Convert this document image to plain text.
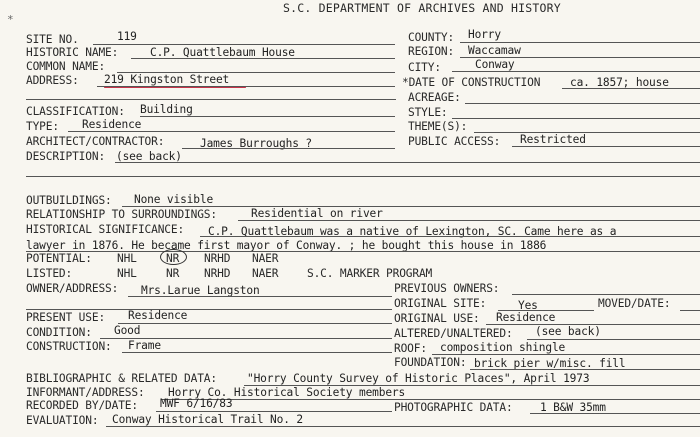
S.C. DEPARTMENT OF ARCHIVES AND HISTORY
*
SITE NO.	119
HISTORIC NAME:	C.P. Quattlebaum House
COMMON NAME:
ADDRESS: 219 Kingston Street
CLASSIFICATION: Building
TYPE: Residence
ARCHITECT/CONTRACTOR:	James Burroughs ?
DESCRIPTION: (see back)
COUNTY: Horry
REGION: Waccamaw
CITY:	Conway
*DATE OF CONSTRUCTION	ca. 1857; house
ACREAGE:
STYLE:
THEME(S):
PUBLIC ACCESS: Restricted
OUTBUILDINGS: None visible
RELATIONSHIP TO SURROUNDINGS:	Residential on river
HISTORICAL SIGNIFICANCE: C.P. Quattlebaum was a native of Lexington, SC. Came here as a
lawyer in 1876. He became first mayor of Conway. ; he bought this house in 1886
POTENTIAL: NHL	NR NRHD NAER
LISTED:	NHL	NR NRHD NAER	S.C. MARKER PROGRAM
PREVIOUS OWNERS:
OWNER/ADDRESS: Mrs.Larue Langston
ORIGINAL SITE:	Yes	MOVED/DATE:
PRESENT USE: Residence	ORIGINAL USE: Residence
CONDITION: Good	ALTERED/UNALTERED: (see back)
CONSTRUCTION: Frame	ROOF: composition shingle
FOUNDATION: brick pier w/misc. fill
BIBLIOGRAPHIC & RELATED DATA:	"Horry County Survey of Historic Places", April 1973
INFORMANT/ADDRESS: Horry Co. Historical Society members
RECORDED BY/DATE: MWF 6/16/83	PHOTOGRAPHIC DATA: 1 B&W 35mm
EVALUATION: Conway Historical Trail No. 2
